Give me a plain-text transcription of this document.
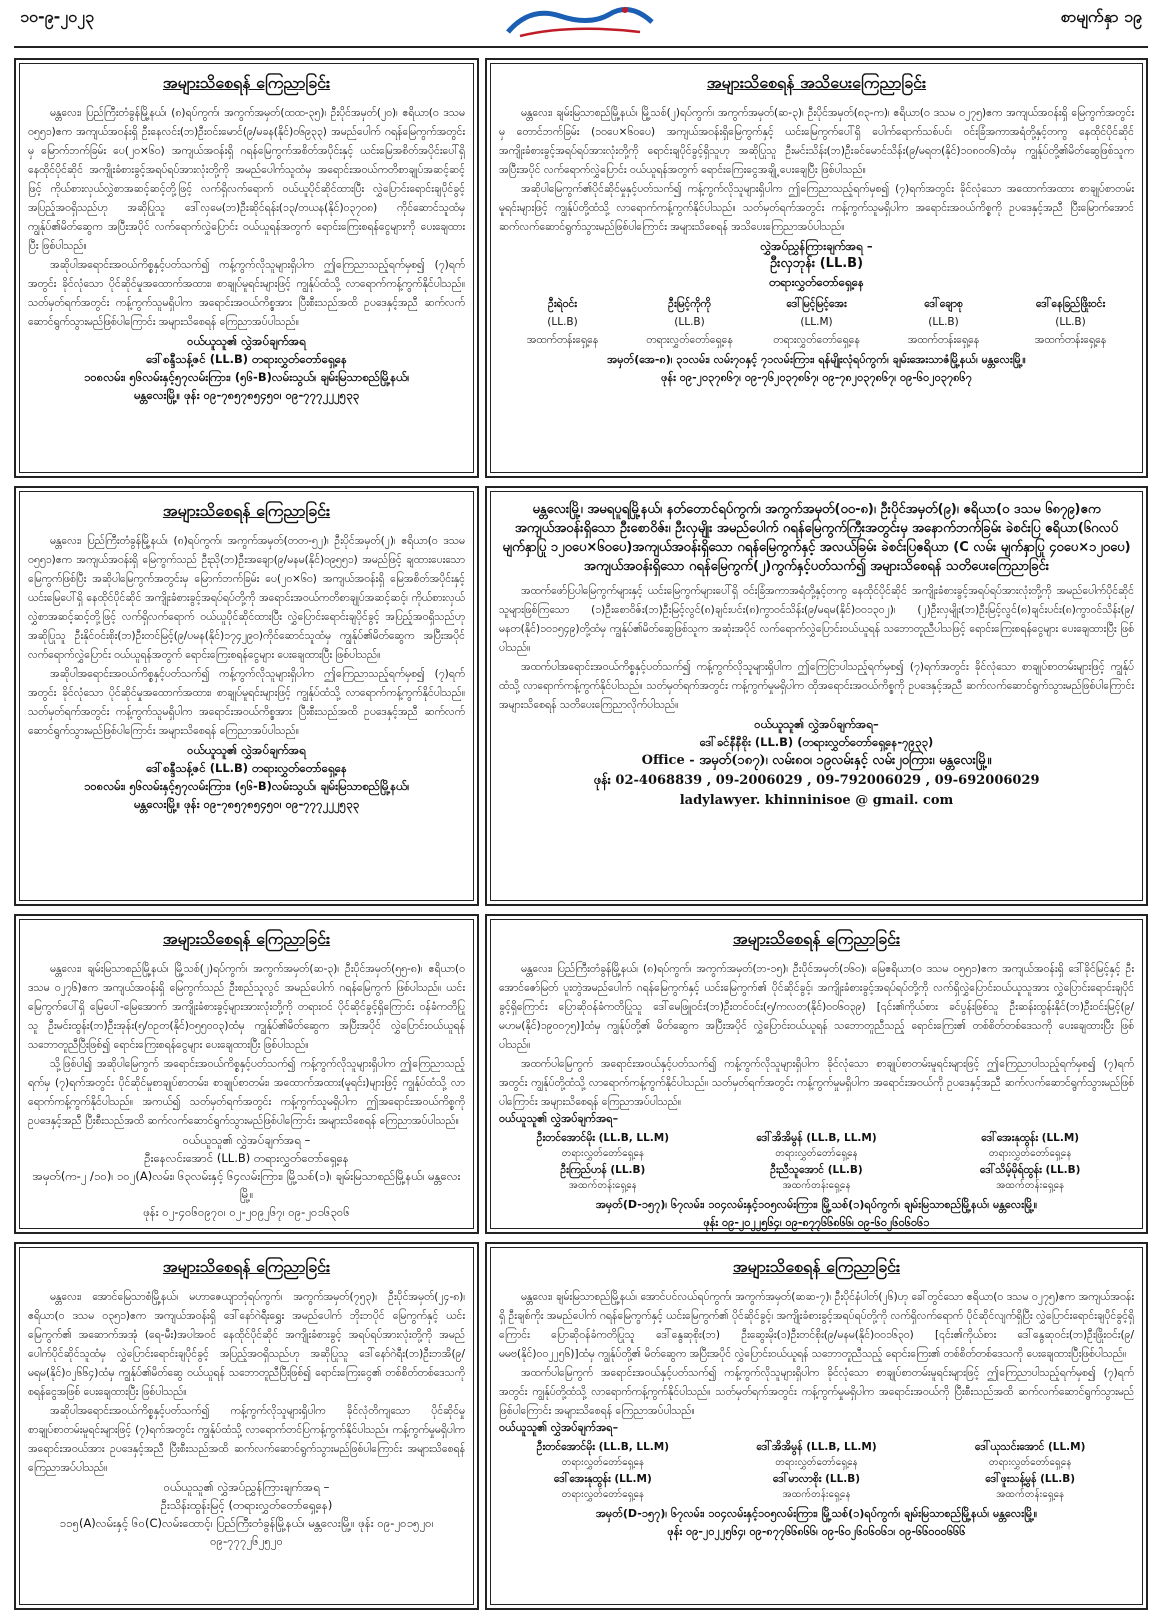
၁၀-၉-၂၀၂၃	စာမျက်နှာ ၁၉
အများသိစေရန် ကြေညာခြင်း

မန္တလေး၊ ပြည်ကြီးတံခွန်မြို့နယ်၊ (၈)ရပ်ကွက်၊ အကွက်အမှတ်(ထထ-၃၅)၊ ဦးပိုင်အမှတ်(၂၀)၊ ဧရိယာ(၀ ဒသမ ၀၅၅၁)ဧက အကျယ်အဝန်းရှိ ဦးနေလင်း(ဘ)ဦးဝင်းမောင်(၉/မခန(နိုင်)၀၆၉၃၃) အမည်ပေါက် ဂရန်မြေကွက်အတွင်းမှ မြောက်ဘက်ခြမ်း ပေ(၂၀×၆၀) အကျယ်အဝန်းရှိ ဂရန်မြေကွက်အစိတ်အပိုင်းနှင့် ယင်းမြေအစိတ်အပိုင်းပေါ်ရှိ နေထိုင်ပိုင်ဆိုင် အကျိုးခံစားခွင့်အရပ်ရပ်အားလုံးတို့ကို အမည်ပေါက်သူထံမှ အရောင်းအဝယ်ကတိစာချုပ်အဆင့်ဆင့်ဖြင့် ကိုယ်စားလှယ်လွှဲစာအဆင့်ဆင့်တို့ဖြင့် လက်ရှိလက်ရောက် ဝယ်ယူပိုင်ဆိုင်ထားပြီး လွှဲပြောင်းရောင်းချပိုင်ခွင့် အပြည့်အဝရှိသည်ဟု အဆိုပြုသူ ဒေါ်လှမေ(ဘ)ဦးဆိုင်ရန်း(၁၃/တယန(နိုင်)၀၃၇၀၈) ကိုင်ဆောင်သူထံမှ ကျွန်ုပ်၏မိတ်ဆွေက အပြီးအပိုင် လက်ရောက်လွှဲပြောင်း ဝယ်ယူရန်အတွက် ရောင်းကြေးစရန်ငွေများကို ပေးချေထားပြီး ဖြစ်ပါသည်။

အဆိုပါအရောင်းအဝယ်ကိစ္စနှင့်ပတ်သက်၍ ကန့်ကွက်လိုသူများရှိပါက ဤကြေညာသည့်ရက်မှစ၍ (၇)ရက်အတွင်း ခိုင်လုံသော ပိုင်ဆိုင်မှုအထောက်အထား၊ စာချုပ်မူရင်းများဖြင့် ကျွန်ုပ်ထံသို့ လာရောက်ကန့်ကွက်နိုင်ပါသည်။ သတ်မှတ်ရက်အတွင်း ကန့်ကွက်သူမရှိပါက အရောင်းအဝယ်ကိစ္စအား ပြီးစီးသည်အထိ ဥပဒေနှင့်အညီ ဆက်လက်ဆောင်ရွက်သွားမည်ဖြစ်ပါကြောင်း အများသိစေရန် ကြေညာအပ်ပါသည်။

ဝယ်ယူသူ၏ လွှဲအပ်ချက်အရ

ဒေါ်စန္ဒီသန့်ဇင် (LL.B) တရားလွှတ်တော်ရှေ့နေ

၁၀၈လမ်း၊ ၅၆လမ်းနှင့်၅၇လမ်းကြား၊ (၅၆-B)လမ်းသွယ်၊ ချမ်းမြသာစည်မြို့နယ်၊

မန္တလေးမြို့။ ဖုန်း ၀၉-၇၈၅၇၈၅၄၅၀၊ ၀၉-၇၇၇၂၂၂၅၃၃

အများသိစေရန် အသိပေးကြေညာခြင်း

မန္တလေး၊ ချမ်းမြသာစည်မြို့နယ်၊ မြို့သစ်(၂)ရပ်ကွက်၊ အကွက်အမှတ်(ဆ-၃)၊ ဦးပိုင်အမှတ်(၈၃-က)၊ ဧရိယာ(၀ ဒသမ ၀၂၇၅)ဧက အကျယ်အဝန်းရှိ မြေကွက်အတွင်းမှ တောင်ဘက်ခြမ်း (၁၀ပေ×၆၀ပေ) အကျယ်အဝန်းရှိမြေကွက်နှင့် ယင်းမြေကွက်ပေါ်ရှိ ပေါက်ရောက်သစ်ပင်၊ ဝင်းခြံအကာအရံတို့နှင့်တကွ နေထိုင်ပိုင်ဆိုင် အကျိုးခံစားခွင့်အရပ်ရပ်အားလုံးတို့ကို ရောင်းချပိုင်ခွင့်ရှိသူဟု အဆိုပြုသူ ဦးမင်းသိန်း(ဘ)ဦးခင်မောင်သိန်း(၉/မရတ(နိုင်)၁၀၈၀၀၆)ထံမှ ကျွန်ုပ်တို့၏မိတ်ဆွေဖြစ်သူက အပြီးအပိုင် လက်ရောက်လွှဲပြောင်း ဝယ်ယူရန်အတွက် ရောင်းကြေးငွေအချို့ ပေးချေပြီး ဖြစ်ပါသည်။

အဆိုပါမြေကွက်၏ပိုင်ဆိုင်မှုနှင့်ပတ်သက်၍ ကန့်ကွက်လိုသူများရှိပါက ဤကြေညာသည့်ရက်မှစ၍ (၇)ရက်အတွင်း ခိုင်လုံသော အထောက်အထား စာချုပ်စာတမ်းမူရင်းများဖြင့် ကျွန်ုပ်တို့ထံသို့ လာရောက်ကန့်ကွက်နိုင်ပါသည်။ သတ်မှတ်ရက်အတွင်း ကန့်ကွက်သူမရှိပါက အရောင်းအဝယ်ကိစ္စကို ဥပဒေနှင့်အညီ ပြီးမြောက်အောင် ဆက်လက်ဆောင်ရွက်သွားမည်ဖြစ်ပါကြောင်း အများသိစေရန် အသိပေးကြေညာအပ်ပါသည်။

လွှဲအပ်ညွှန်ကြားချက်အရ –

ဦးလှဘုန်း (LL.B)

တရားလွှတ်တော်ရှေ့နေ

ဦးရဲဝင်း
(LL.B)
အထက်တန်းရှေ့နေ
ဦးမြင့်ကိုကို
(LL.B)
တရားလွှတ်တော်ရှေ့နေ
ဒေါ်မြင့်မြင့်အေး
(LL.M)
တရားလွှတ်တော်ရှေ့နေ
ဒေါ်ချောစု
(LL.B)
အထက်တန်းရှေ့နေ
ဒေါ်နေခြည်ဖြိုးဝင်း
(LL.B)
အထက်တန်းရှေ့နေ

အမှတ်(အေ-၈)၊ ၃၁လမ်း၊ လမ်း၇၀နှင့် ၇၁လမ်းကြား၊ ရန်မျိုးလုံရပ်ကွက်၊ ချမ်းအေးသာဇံမြို့နယ်၊ မန္တလေးမြို့။

ဖုန်း ၀၉-၂၀၃၇၈၆၇၊ ၀၉-၇၆၂၀၃၇၈၆၇၊ ၀၉-၇၈၂၀၃၇၈၆၇၊ ၀၉-၆၀၂၀၃၇၈၆၇

အများသိစေရန် ကြေညာခြင်း

မန္တလေး၊ ပြည်ကြီးတံခွန်မြို့နယ်၊ (၈)ရပ်ကွက်၊ အကွက်အမှတ်(တတ-၅၂)၊ ဦးပိုင်အမှတ်(၂)၊ ဧရိယာ(၀ ဒသမ ၀၅၅၁)ဧက အကျယ်အဝန်းရှိ မြေကွက်သည် ဦးညို(ဘ)ဦးအချော(၉/မနမ(နိုင်)၀၉၅၅၁) အမည်ဖြင့် ချထားပေးသော မြေကွက်ဖြစ်ပြီး အဆိုပါမြေကွက်အတွင်းမှ မြောက်ဘက်ခြမ်း ပေ(၂၀×၆၀) အကျယ်အဝန်းရှိ မြေအစိတ်အပိုင်းနှင့် ယင်းမြေပေါ်ရှိ နေထိုင်ပိုင်ဆိုင် အကျိုးခံစားခွင့်အရပ်ရပ်တို့ကို အရောင်းအဝယ်ကတိစာချုပ်အဆင့်ဆင့်၊ ကိုယ်စားလှယ်လွှဲစာအဆင့်ဆင့်တို့ဖြင့် လက်ရှိလက်ရောက် ဝယ်ယူပိုင်ဆိုင်ထားပြီး လွှဲပြောင်းရောင်းချပိုင်ခွင့် အပြည့်အဝရှိသည်ဟု အဆိုပြုသူ ဦးနိုင်ဝင်းစိုး(ဘ)ဦးတင်မြင့်(၉/ပမန(နိုင်)၁၇၄၂၉၀)ကိုင်ဆောင်သူထံမှ ကျွန်ုပ်၏မိတ်ဆွေက အပြီးအပိုင် လက်ရောက်လွှဲပြောင်း ဝယ်ယူရန်အတွက် ရောင်းကြေးစရန်ငွေများ ပေးချေထားပြီး ဖြစ်ပါသည်။

အဆိုပါအရောင်းအဝယ်ကိစ္စနှင့်ပတ်သက်၍ ကန့်ကွက်လိုသူများရှိပါက ဤကြေညာသည့်ရက်မှစ၍ (၇)ရက်အတွင်း ခိုင်လုံသော ပိုင်ဆိုင်မှုအထောက်အထား၊ စာချုပ်မူရင်းများဖြင့် ကျွန်ုပ်ထံသို့ လာရောက်ကန့်ကွက်နိုင်ပါသည်။ သတ်မှတ်ရက်အတွင်း ကန့်ကွက်သူမရှိပါက အရောင်းအဝယ်ကိစ္စအား ပြီးစီးသည်အထိ ဥပဒေနှင့်အညီ ဆက်လက်ဆောင်ရွက်သွားမည်ဖြစ်ပါကြောင်း အများသိစေရန် ကြေညာအပ်ပါသည်။

ဝယ်ယူသူ၏ လွှဲအပ်ချက်အရ

ဒေါ်စန္ဒီသန့်ဇင် (LL.B) တရားလွှတ်တော်ရှေ့နေ

၁၀၈လမ်း၊ ၅၆လမ်းနှင့်၅၇လမ်းကြား၊ (၅၆-B)လမ်းသွယ်၊ ချမ်းမြသာစည်မြို့နယ်၊

မန္တလေးမြို့။ ဖုန်း ၀၉-၇၈၅၇၈၅၄၅၀၊ ၀၉-၇၇၇၂၂၂၅၃၃

မန္တလေးမြို့၊ အမရပူရမြို့နယ်၊ နတ်တောင်ရပ်ကွက်၊ အကွက်အမှတ်(၀၀-၈)၊ ဦးပိုင်အမှတ်(၉)၊ ဧရိယာ(၀ ဒသမ ၆၈၇၉)ဧက အကျယ်အဝန်းရှိသော ဦးစောဝိဇ်း၊ ဦးလှမျိုး အမည်ပေါက် ဂရန်မြေကွက်ကြီးအတွင်းမှ အနောက်ဘက်ခြမ်း ခဲစင်းပြ ဧရိယာ(၆ဂလပ် မျက်နှာပြု ၁၂၀ပေ×၆၀ပေ)အကျယ်အဝန်းရှိသော ဂရန်မြေကွက်နှင့် အလယ်ခြမ်း ခဲစင်းပြဧရိယာ (C လမ်း မျက်နှာပြု ၄၀ပေ×၁၂၀ပေ) အကျယ်အဝန်းရှိသော ဂရန်မြေကွက်(၂)ကွက်နှင့်ပတ်သက်၍ အများသိစေရန် သတိပေးကြေညာခြင်း

အထက်ဖော်ပြပါမြေကွက်များနှင့် ယင်းမြေကွက်များပေါ်ရှိ ဝင်းခြံအကာအရံတို့နှင့်တကွ နေထိုင်ပိုင်ဆိုင် အကျိုးခံစားခွင့်အရပ်ရပ်အားလုံးတို့ကို အမည်ပေါက်ပိုင်ဆိုင်သူများဖြစ်ကြသော (၁)ဦးစောဝိဇ်း(ဘ)ဦးမြင့်လွင်(၈)ချင်းပင်း(၈)ကွာဝင်သိန်း(၉/မရမ(နိုင်)၀၀၁၃၀၂)၊ (၂)ဦးလှမျိုး(ဘ)ဦးမြင့်လွင်(၈)ချင်းပင်း(၈)ကွာဝင်သိန်း(၉/မနတ(နိုင်)၁၀၁၅၄၉)တို့ထံမှ ကျွန်ုပ်၏မိတ်ဆွေဖြစ်သူက အဆုံးအပိုင် လက်ရောက်လွှဲပြောင်းဝယ်ယူရန် သဘောတူညီပါသဖြင့် ရောင်းကြေးစရန်ငွေများ ပေးချေထားပြီး ဖြစ်ပါသည်။

အထက်ပါအရောင်းအဝယ်ကိစ္စနှင့်ပတ်သက်၍ ကန့်ကွက်လိုသူများရှိပါက ဤကြေငြာပါသည့်ရက်မှစ၍ (၇)ရက်အတွင်း ခိုင်လုံသော စာချုပ်စာတမ်းများဖြင့် ကျွန်ုပ်ထံသို့ လာရောက်ကန့်ကွက်နိုင်ပါသည်။ သတ်မှတ်ရက်အတွင်း ကန့်ကွက်မှုမရှိပါက ထိုအရောင်းအဝယ်ကိစ္စကို ဥပဒေနှင့်အညီ ဆက်လက်ဆောင်ရွက်သွားမည်ဖြစ်ပါကြောင်း အများသိစေရန် သတိပေးကြေညာလိုက်ပါသည်။

ဝယ်ယူသူ၏ လွှဲအပ်ချက်အရ–

ဒေါ်ခင်နီနီစိုး (LL.B) (တရားလွှတ်တော်ရှေ့နေ-၇၉၃၃)

Office - အမှတ်(၁၈၇)၊ လမ်း၈၀၊ ၁၉လမ်းနှင့် လမ်း၂၀ကြား၊ မန္တလေးမြို့။

ဖုန်း 02-4068839 , 09-2006029 , 09-792006029 , 09-692006029

ladylawyer. khinninisoe @ gmail. com

အများသိစေရန် ကြေညာခြင်း

မန္တလေး၊ ချမ်းမြသာစည်မြို့နယ်၊ မြို့သစ်(၂)ရပ်ကွက်၊ အကွက်အမှတ်(ဆ-၃)၊ ဦးပိုင်အမှတ်(၅၅-၈)၊ ဧရိယာ(၀ ဒသမ ၀၂၇၆)ဧက အကျယ်အဝန်းရှိ မြေကွက်သည် ဦးစည်သူလွင် အမည်ပေါက် ဂရန်မြေကွက် ဖြစ်ပါသည်။ ယင်းမြေကွက်ပေါ်ရှိ မြေပေါ်-မြေအောက် အကျိုးခံစားခွင့်များအားလုံးတို့ကို တရားဝင် ပိုင်ဆိုင်ခွင့်ရှိကြောင်း ဝန်ခံကတိပြုသူ ဦးမင်းထွန်း(ဘ)ဦးအုန်း(၅/ဝဥတ(နိုင်)၀၅၅၀၀၃)ထံမှ ကျွန်ုပ်၏မိတ်ဆွေက အပြီးအပိုင် လွှဲပြောင်းဝယ်ယူရန် သဘောတူညီပြီးဖြစ်၍ ရောင်းကြေးစရန်ငွေများ ပေးချေထားပြီး ဖြစ်ပါသည်။

သို့ဖြစ်ပါ၍ အဆိုပါမြေကွက် အရောင်းအဝယ်ကိစ္စနှင့်ပတ်သက်၍ ကန့်ကွက်လိုသူများရှိပါက ဤကြေညာသည့်ရက်မှ (၇)ရက်အတွင်း ပိုင်ဆိုင်မှုစာချုပ်စာတမ်း၊ စာချုပ်စာတမ်း၊ အထောက်အထား(မူရင်း)များဖြင့် ကျွန်ုပ်ထံသို့ လာရောက်ကန့်ကွက်နိုင်ပါသည်။ အကယ်၍ သတ်မှတ်ရက်အတွင်း ကန့်ကွက်သူမရှိပါက ဤအရောင်းအဝယ်ကိစ္စကို ဥပဒေနှင့်အညီ ပြီးစီးသည်အထိ ဆက်လက်ဆောင်ရွက်သွားမည်ဖြစ်ပါကြောင်း အများသိစေရန် ကြေညာအပ်ပါသည်။

ဝယ်ယူသူ၏ လွှဲအပ်ချက်အရ –

ဦးနေလင်းအောင် (LL.B) တရားလွှတ်တော်ရှေ့နေ

အမှတ်(က-၂ /၁၀)၊ ၁၀၂(A)လမ်း၊ ၆၃လမ်းနှင့် ၆၄လမ်းကြား၊ မြို့သစ်(၁)၊ ချမ်းမြသာစည်မြို့နယ်၊ မန္တလေးမြို့။

ဖုန်း ၀၂-၄၀၆၀၉၇၀၊ ၀၂-၂၀၉၂၆၇၊ ၀၉-၂၀၁၆၃၀၆

အများသိစေရန် ကြေညာခြင်း

မန္တလေး၊ ပြည်ကြီးတံခွန်မြို့နယ်၊ (၈)ရပ်ကွက်၊ အကွက်အမှတ်(ဘ-၁၅)၊ ဦးပိုင်အမှတ်(၁၆၀)၊ မြေဧရိယာ(၀ ဒသမ ၀၅၅၁)ဧက အကျယ်အဝန်းရှိ ဒေါ်ခိုင်မြင့်နှင့် ဦးအောင်ဇော်မြတ် ပူးတွဲအမည်ပေါက် ဂရန်မြေကွက်နှင့် ယင်းမြေကွက်၏ ပိုင်ဆိုင်ခွင့်၊ အကျိုးခံစားခွင့်အရပ်ရပ်တို့ကို လက်ရှိလွှဲပြောင်းဝယ်ယူသူအား လွှဲပြောင်းရောင်းချပိုင်ခွင့်ရှိကြောင်း ပြောဆိုဝန်ခံကတိပြုသူ ဒေါ်မေဖြူဝင်း(ဘ)ဦးတင်ဝင်း(၅/ကလတ(နိုင်)၀၀၆၀၃၉) [၎င်း၏ကိုယ်စား ခင်ပွန်းဖြစ်သူ ဦးဆန်းထွန်းနိုင်(ဘ)ဦးဝင်းမြင့်(၉/မဟမ(နိုင်)၁၉၀၀၇၅)]ထံမှ ကျွန်ုပ်တို့၏ မိတ်ဆွေက အပြီးအပိုင် လွှဲပြောင်းဝယ်ယူရန် သဘောတူညီသည့် ရောင်းကြေး၏ တစ်စိတ်တစ်ဒေသကို ပေးချေထားပြီး ဖြစ်ပါသည်။

အထက်ပါမြေကွက် အရောင်းအဝယ်နှင့်ပတ်သက်၍ ကန့်ကွက်လိုသူများရှိပါက ခိုင်လုံသော စာချုပ်စာတမ်းမူရင်းများဖြင့် ဤကြေညာပါသည့်ရက်မှစ၍ (၇)ရက်အတွင်း ကျွန်ုပ်တို့ထံသို့ လာရောက်ကန့်ကွက်နိုင်ပါသည်။ သတ်မှတ်ရက်အတွင်း ကန့်ကွက်မှုမရှိပါက အရောင်းအဝယ်ကို ဥပဒေနှင့်အညီ ဆက်လက်ဆောင်ရွက်သွားမည်ဖြစ်ပါကြောင်း အများသိစေရန် ကြေညာအပ်ပါသည်။

ဝယ်ယူသူ၏ လွှဲအပ်ချက်အရ–
ဦးတင်အောင်မိုး (LL.B, LL.M)
တရားလွှတ်တော်ရှေ့နေ
ဒေါ်အိအိမွန် (LL.B, LL.M)
တရားလွှတ်တော်ရှေ့နေ
ဒေါ်အေးနုထွန်း (LL.M)
တရားလွှတ်တော်ရှေ့နေ
ဦးကြည်ဟန် (LL.B)
အထက်တန်းရှေ့နေ
ဦးညီသူအောင် (LL.B)
အထက်တန်းရှေ့နေ
ဒေါ်သိမ့်မိုရ်ထွန်း (LL.B)
အထက်တန်းရှေ့နေ

အမှတ်(D-၁၅၇)၊ ၆၇လမ်း၊ ၁၀၄လမ်းနှင့်၁၀၅လမ်းကြား၊ မြို့သစ်(၁)ရပ်ကွက်၊ ချမ်းမြသာစည်မြို့နယ်၊ မန္တလေးမြို့။

ဖုန်း ၀၉-၂၀၂၂၅၆၄၊ ၀၉-၈၇၇၆၆၈၆၆၊ ၀၉-၆၀၂၆၀၆၀၆၁

အများသိစေရန် ကြေညာခြင်း

မန္တလေး၊ အောင်မြေသာစံမြို့နယ်၊ မဟာဇေယျာဘုံရပ်ကွက်၊ အကွက်အမှတ်(၇၅၃)၊ ဦးပိုင်အမှတ်(၂၄-၈)၊ ဧရိယာ(၀ ဒသမ ၀၃၅၁)ဧက အကျယ်အဝန်းရှိ ဒေါ်နော်ဂဲရီးရွှေး အမည်ပေါက် ဘိုးဘပိုင် မြေကွက်နှင့် ယင်းမြေကွက်၏ အဆောက်အအုံ (ရေ-မီး)အပါအဝင် နေထိုင်ပိုင်ဆိုင် အကျိုးခံစားခွင့် အရပ်ရပ်အားလုံးတို့ကို အမည်ပေါက်ပိုင်ဆိုင်သူထံမှ လွှဲပြောင်းရောင်းချပိုင်ခွင့် အပြည့်အဝရှိသည်ဟု အဆိုပြုသူ ဒေါ်နော်ဂဲရီး(ဘ)ဦးဘအိ(၉/မရမ(နိုင်)၀၂၆၆၄)ထံမှ ကျွန်ုပ်၏မိတ်ဆွေ ဝယ်ယူရန် သဘောတူညီပြီးဖြစ်၍ ရောင်းကြေးငွေ၏ တစ်စိတ်တစ်ဒေသကို စရန်ငွေအဖြစ် ပေးချေထားပြီး ဖြစ်ပါသည်။

အဆိုပါအရောင်းအဝယ်ကိစ္စနှင့်ပတ်သက်၍ ကန့်ကွက်လိုသူများရှိပါက ခိုင်လုံတိကျသော ပိုင်ဆိုင်မှုစာချုပ်စာတမ်းမူရင်းများဖြင့် (၇)ရက်အတွင်း ကျွန်ုပ်ထံသို့ လာရောက်တင်ပြကန့်ကွက်နိုင်ပါသည်။ ကန့်ကွက်မှုမရှိပါက အရောင်းအဝယ်အား ဥပဒေနှင့်အညီ ပြီးစီးသည်အထိ ဆက်လက်ဆောင်ရွက်သွားမည်ဖြစ်ပါကြောင်း အများသိစေရန် ကြေညာအပ်ပါသည်။

ဝယ်ယူသူ၏ လွှဲအပ်ညွှန်ကြားချက်အရ –

ဦးသိန်းထွန်းမြင့် (တရားလွှတ်တော်ရှေ့နေ)

၁၁၅(A)လမ်းနှင့် ၆၀(C)လမ်းထောင့်၊ ပြည်ကြီးတံခွန်မြို့နယ်၊ မန္တလေးမြို့။ ဖုန်း ၀၉-၂၀၁၅၂၀၊ ၀၉-၇၇၇၂၆၂၅၂၀

အများသိစေရန် ကြေညာခြင်း

မန္တလေး၊ ချမ်းမြသာစည်မြို့နယ်၊ အောင်ပင်လယ်ရပ်ကွက်၊ အကွက်အမှတ်(ဆဆ-၇)၊ ဦးပိုင်နံပါတ်(၂၆)ဟု ခေါ်တွင်သော ဧရိယာ(၀ ဒသမ ၀၂၇၅)ဧက အကျယ်အဝန်းရှိ ဦးချစ်ကိုး အမည်ပေါက် ဂရန်မြေကွက်နှင့် ယင်းမြေကွက်၏ ပိုင်ဆိုင်ခွင့်၊ အကျိုးခံစားခွင့်အရပ်ရပ်တို့ကို လက်ရှိလက်ရောက် ပိုင်ဆိုင်လျက်ရှိပြီး လွှဲပြောင်းရောင်းချပိုင်ခွင့်ရှိကြောင်း ပြောဆိုဝန်ခံကတိပြုသူ ဒေါ်နွေဆုစိုး(ဘ) ဦးဆွေးမိုး(၁)ဦးတင်စိုး(၉/မနမ(နိုင်)၀၀၁၆၃၀) [၎င်း၏ကိုယ်စား ဒေါ်နွေဆုဝင်း(ဘ)ဦးဖြိုးဝင်း(၉/မမဗ(နိုင်)၀၀၂၂၅၆)]ထံမှ ကျွန်ုပ်တို့၏ မိတ်ဆွေက အပြီးအပိုင် လွှဲပြောင်းဝယ်ယူရန် သဘောတူညီသည့် ရောင်းကြေး၏ တစ်စိတ်တစ်ဒေသကို ပေးချေထားပြီးဖြစ်ပါသည်။

အထက်ပါမြေကွက် အရောင်းအဝယ်နှင့်ပတ်သက်၍ ကန့်ကွက်လိုသူများရှိပါက ခိုင်လုံသော စာချုပ်စာတမ်းမူရင်းများဖြင့် ဤကြေညာပါသည့်ရက်မှစ၍ (၇)ရက်အတွင်း ကျွန်ုပ်တို့ထံသို့ လာရောက်ကန့်ကွက်နိုင်ပါသည်။ သတ်မှတ်ရက်အတွင်း ကန့်ကွက်မှုမရှိပါက အရောင်းအဝယ်ကို ပြီးစီးသည်အထိ ဆက်လက်ဆောင်ရွက်သွားမည်ဖြစ်ပါကြောင်း အများသိစေရန် ကြေညာအပ်ပါသည်။

ဝယ်ယူသူ၏ လွှဲအပ်ချက်အရ–
ဦးတင်အောင်မိုး (LL.B, LL.M)
တရားလွှတ်တော်ရှေ့နေ
ဒေါ်အိအိမွန် (LL.B, LL.M)
တရားလွှတ်တော်ရှေ့နေ
ဒေါ်ယုသင်းအောင် (LL.M)
တရားလွှတ်တော်ရှေ့နေ
ဒေါ်အေးနုထွန်း (LL.M)
တရားလွှတ်တော်ရှေ့နေ
ဒေါ်မာလာစိုး (LL.B)
အထက်တန်းရှေ့နေ
ဒေါ်ဖူးသန့်မွန် (LL.B)
အထက်တန်းရှေ့နေ

အမှတ်(D-၁၅၇)၊ ၆၇လမ်း၊ ၁၀၄လမ်းနှင့်၁၀၅လမ်းကြား၊ မြို့သစ်(၁)ရပ်ကွက်၊ ချမ်းမြသာစည်မြို့နယ်၊ မန္တလေးမြို့။

ဖုန်း ၀၉-၂၀၂၂၅၆၄၊ ၀၉-၈၇၇၆၆၈၆၆၊ ၀၉-၆၀၂၆၀၆၀၆၁၊ ၀၉-၆၆၀၀၀၆၆၆
